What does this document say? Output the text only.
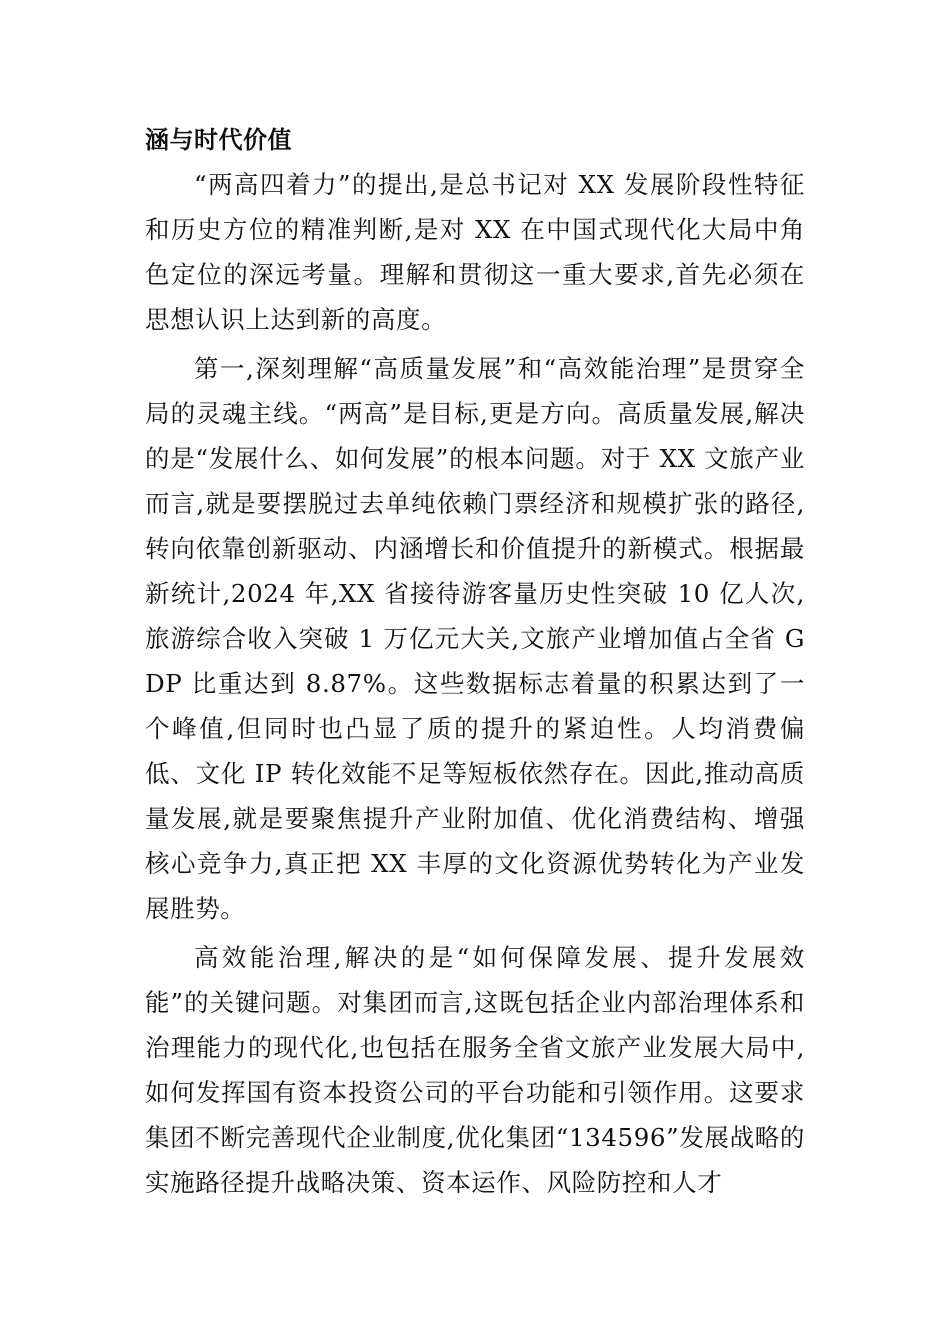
涵与时代价值

“两高四着力”的提出,是总书记对 XX 发展阶段性特征和历史方位的精准判断,是对 XX 在中国式现代化大局中角色定位的深远考量。理解和贯彻这一重大要求,首先必须在思想认识上达到新的高度。

第一,深刻理解“高质量发展”和“高效能治理”是贯穿全局的灵魂主线。“两高”是目标,更是方向。高质量发展,解决的是“发展什么、如何发展”的根本问题。对于 XX 文旅产业而言,就是要摆脱过去单纯依赖门票经济和规模扩张的路径,转向依靠创新驱动、内涵增长和价值提升的新模式。根据最新统计,2024 年,XX 省接待游客量历史性突破 10 亿人次,旅游综合收入突破 1 万亿元大关,文旅产业增加值占全省 GDP 比重达到 8.87%。这些数据标志着量的积累达到了一个峰值,但同时也凸显了质的提升的紧迫性。人均消费偏低、文化 IP 转化效能不足等短板依然存在。因此,推动高质量发展,就是要聚焦提升产业附加值、优化消费结构、增强核心竞争力,真正把 XX 丰厚的文化资源优势转化为产业发展胜势。

高效能治理,解决的是“如何保障发展、提升发展效能”的关键问题。对集团而言,这既包括企业内部治理体系和治理能力的现代化,也包括在服务全省文旅产业发展大局中,如何发挥国有资本投资公司的平台功能和引领作用。这要求集团不断完善现代企业制度,优化集团“134596”发展战略的实施路径提升战略决策、资本运作、风险防控和人才
